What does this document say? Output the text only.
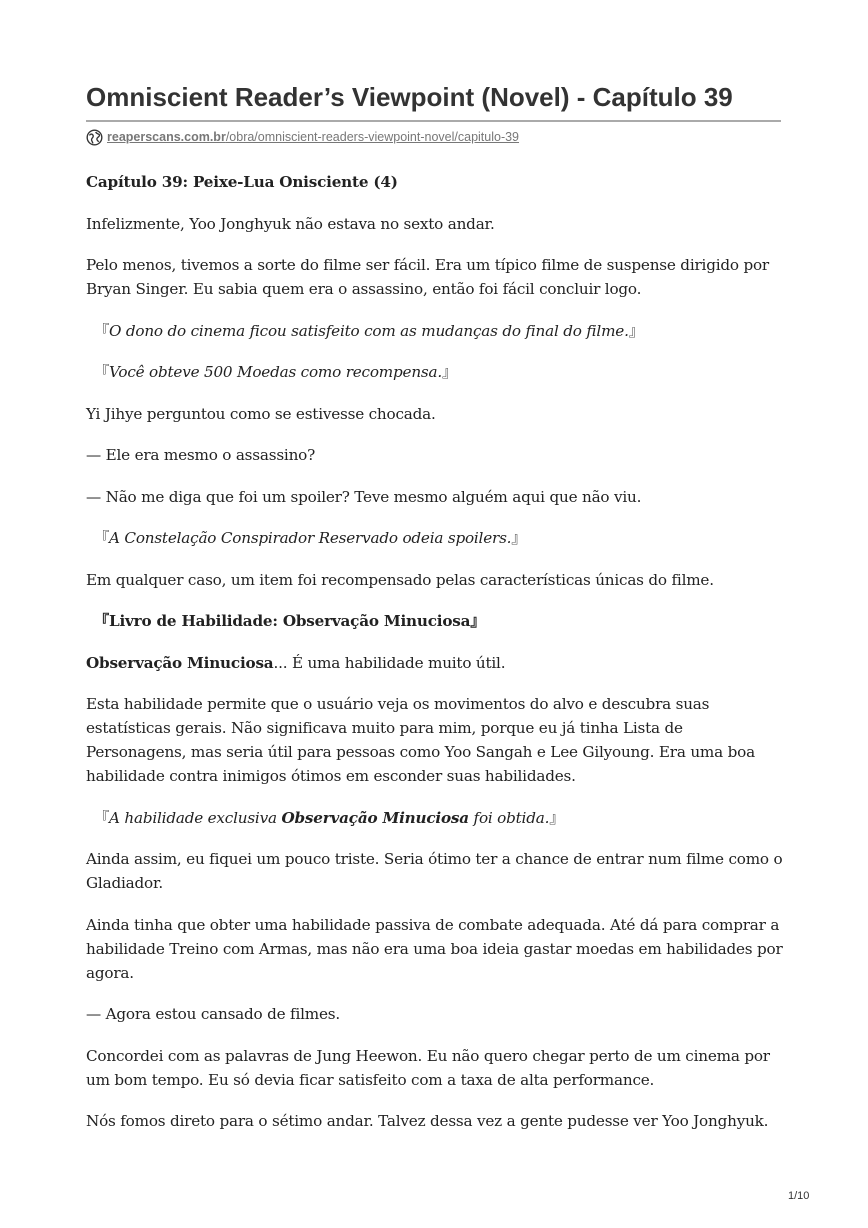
Omniscient Reader’s Viewpoint (Novel) - Capítulo 39
reaperscans.com.br/obra/omniscient-readers-viewpoint-novel/capitulo-39

Capítulo 39: Peixe-Lua Onisciente (4)

Infelizmente, Yoo Jonghyuk não estava no sexto andar.

Pelo menos, tivemos a sorte do filme ser fácil. Era um típico filme de suspense dirigido por Bryan Singer. Eu sabia quem era o assassino, então foi fácil concluir logo.

『O dono do cinema ficou satisfeito com as mudanças do final do filme.』

『Você obteve 500 Moedas como recompensa.』

Yi Jihye perguntou como se estivesse chocada.

— Ele era mesmo o assassino?

— Não me diga que foi um spoiler? Teve mesmo alguém aqui que não viu.

『A Constelação Conspirador Reservado odeia spoilers.』

Em qualquer caso, um item foi recompensado pelas características únicas do filme.

『Livro de Habilidade: Observação Minuciosa』

Observação Minuciosa... É uma habilidade muito útil.

Esta habilidade permite que o usuário veja os movimentos do alvo e descubra suas estatísticas gerais. Não significava muito para mim, porque eu já tinha Lista de Personagens, mas seria útil para pessoas como Yoo Sangah e Lee Gilyoung. Era uma boa habilidade contra inimigos ótimos em esconder suas habilidades.

『A habilidade exclusiva Observação Minuciosa foi obtida.』

Ainda assim, eu fiquei um pouco triste. Seria ótimo ter a chance de entrar num filme como o Gladiador.

Ainda tinha que obter uma habilidade passiva de combate adequada. Até dá para comprar a habilidade Treino com Armas, mas não era uma boa ideia gastar moedas em habilidades por agora.

— Agora estou cansado de filmes.

Concordei com as palavras de Jung Heewon. Eu não quero chegar perto de um cinema por um bom tempo. Eu só devia ficar satisfeito com a taxa de alta performance.

Nós fomos direto para o sétimo andar. Talvez dessa vez a gente pudesse ver Yoo Jonghyuk.

1/10
